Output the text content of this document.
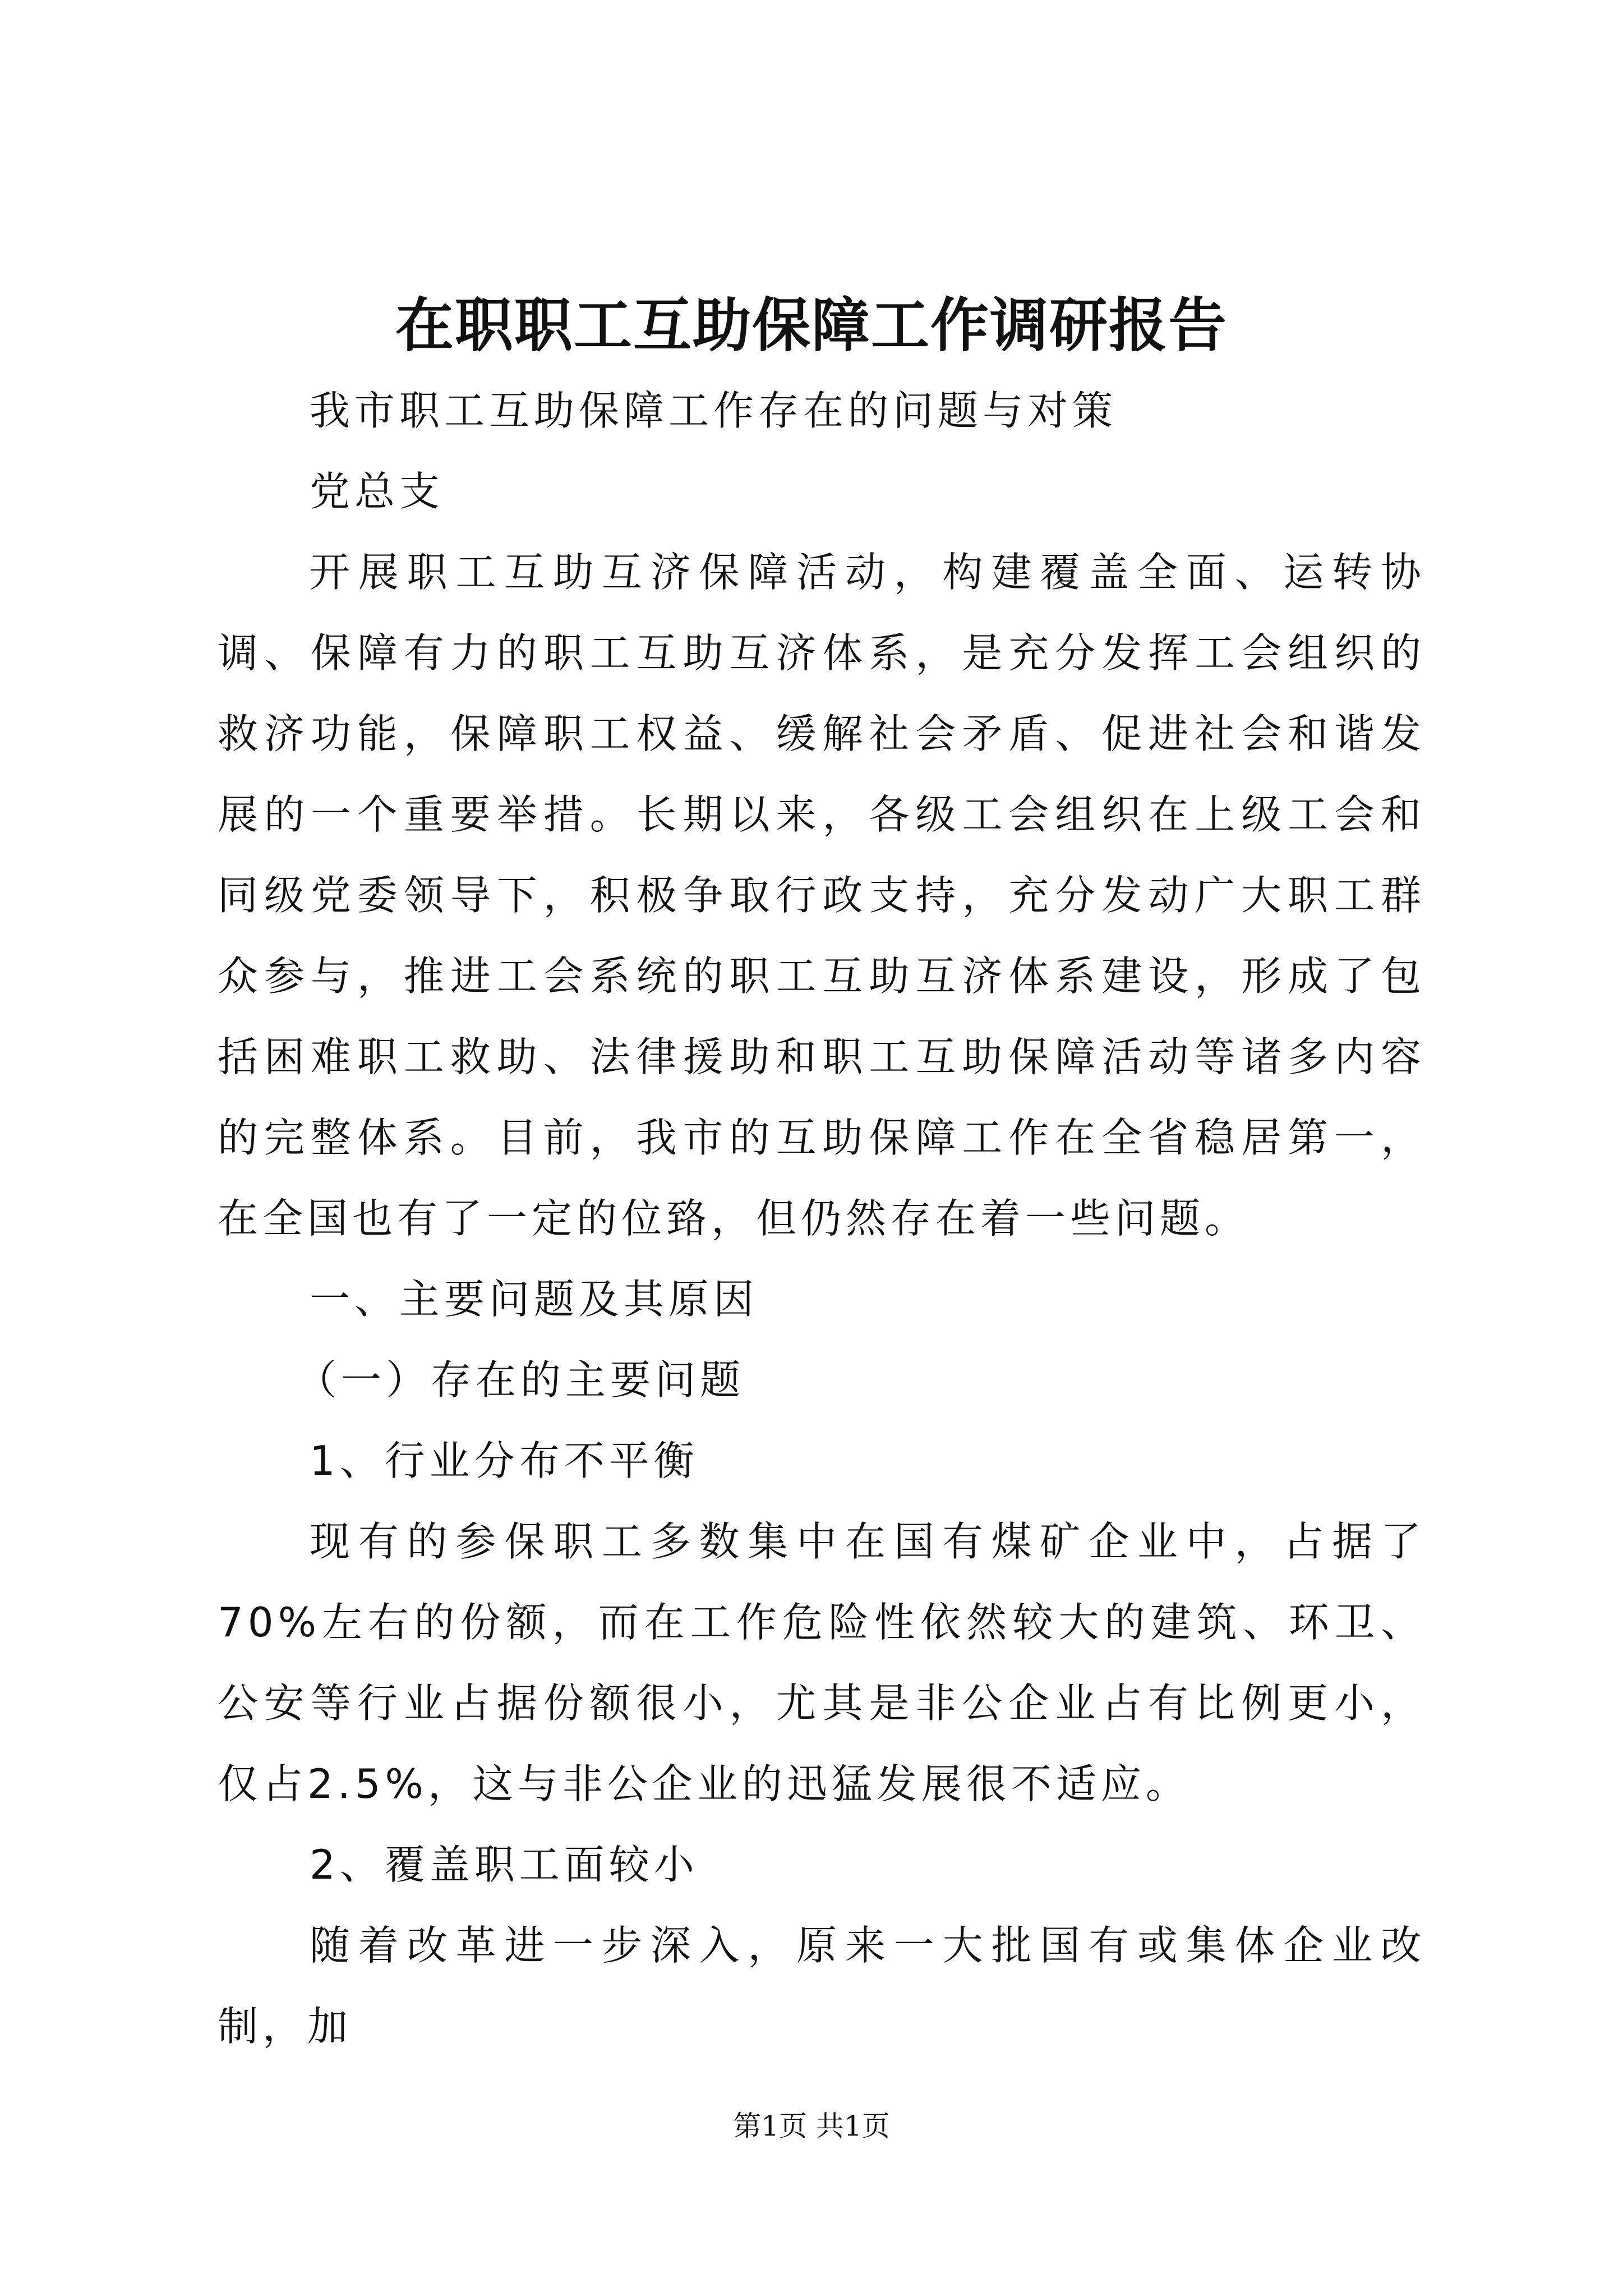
在职职工互助保障工作调研报告

我市职工互助保障工作存在的问题与对策

党总支

开展职工互助互济保障活动，构建覆盖全面、运转协调、保障有力的职工互助互济体系，是充分发挥工会组织的救济功能，保障职工权益、缓解社会矛盾、促进社会和谐发展的一个重要举措。长期以来，各级工会组织在上级工会和同级党委领导下，积极争取行政支持，充分发动广大职工群众参与，推进工会系统的职工互助互济体系建设，形成了包括困难职工救助、法律援助和职工互助保障活动等诸多内容的完整体系。目前，我市的互助保障工作在全省稳居第一，在全国也有了一定的位臵，但仍然存在着一些问题。

一、主要问题及其原因

（一）存在的主要问题

1、行业分布不平衡

现有的参保职工多数集中在国有煤矿企业中，占据了70%左右的份额，而在工作危险性依然较大的建筑、环卫、公安等行业占据份额很小，尤其是非公企业占有比例更小，仅占2.5%，这与非公企业的迅猛发展很不适应。

2、覆盖职工面较小

随着改革进一步深入，原来一大批国有或集体企业改制，加

第1页 共1页
